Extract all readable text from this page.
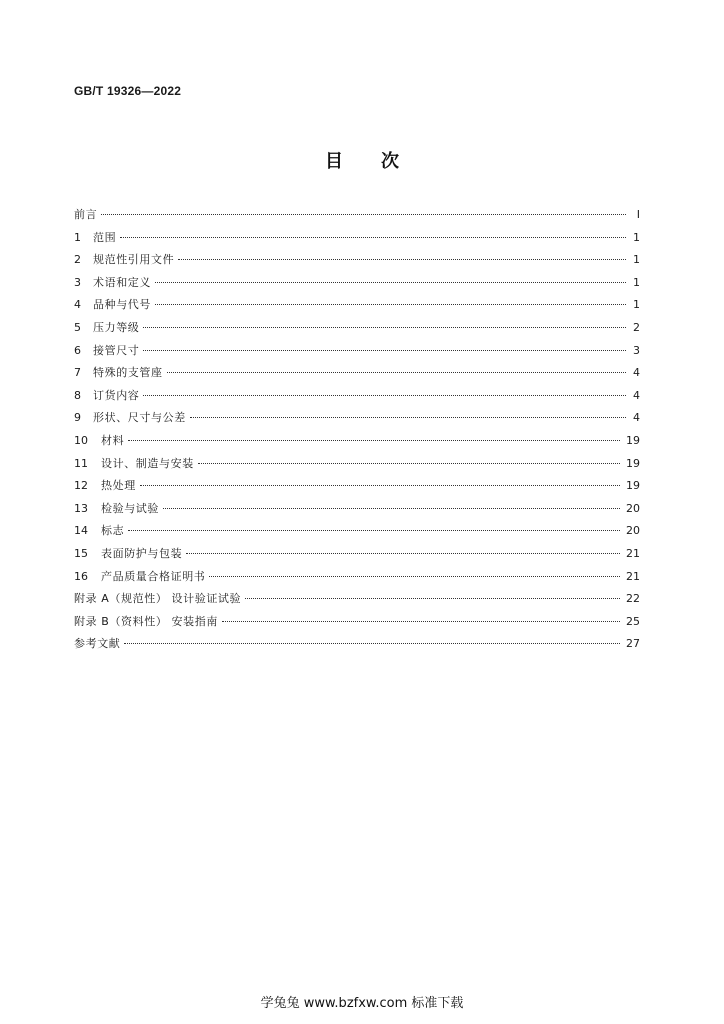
GB/T 19326—2022
目次
前言	Ⅰ
1	范围	1
2	规范性引用文件	1
3	术语和定义	1
4	品种与代号	1
5	压力等级	2
6	接管尺寸	3
7	特殊的支管座	4
8	订货内容	4
9	形状、尺寸与公差	4
10	材料	19
11	设计、制造与安装	19
12	热处理	19
13	检验与试验	20
14	标志	20
15	表面防护与包装	21
16	产品质量合格证明书	21
附录 A（规范性） 设计验证试验	22
附录 B（资料性） 安装指南	25
参考文献	27
学兔兔 www.bzfxw.com 标准下载
